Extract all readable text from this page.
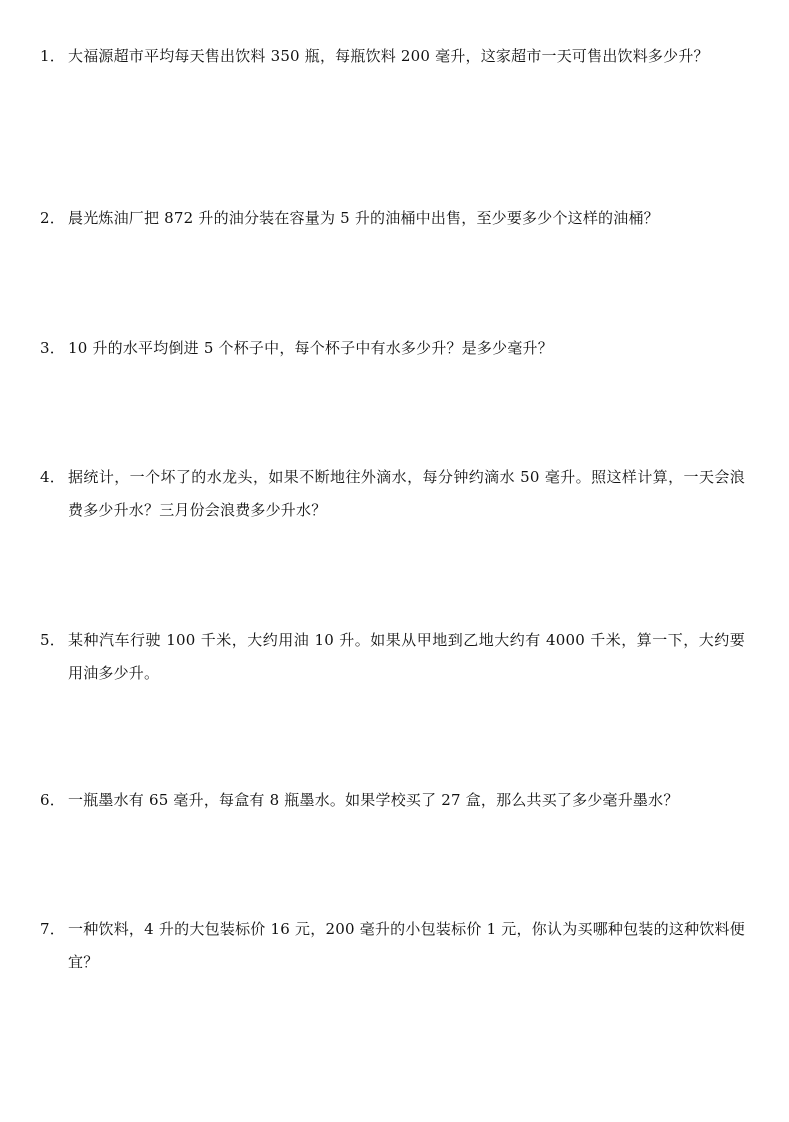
1． 大福源超市平均每天售出饮料 350 瓶，每瓶饮料 200 毫升，这家超市一天可售出饮料多少升？
2． 晨光炼油厂把 872 升的油分装在容量为 5 升的油桶中出售，至少要多少个这样的油桶？
3． 10 升的水平均倒进 5 个杯子中，每个杯子中有水多少升？是多少毫升？
4． 据统计，一个坏了的水龙头，如果不断地往外滴水，每分钟约滴水 50 毫升。照这样计算，一天会浪费多少升水？三月份会浪费多少升水？
5． 某种汽车行驶 100 千米，大约用油 10 升。如果从甲地到乙地大约有 4000 千米，算一下，大约要用油多少升。
6． 一瓶墨水有 65 毫升，每盒有 8 瓶墨水。如果学校买了 27 盒，那么共买了多少毫升墨水？
7． 一种饮料，4 升的大包装标价 16 元，200 毫升的小包装标价 1 元，你认为买哪种包装的这种饮料便宜？
